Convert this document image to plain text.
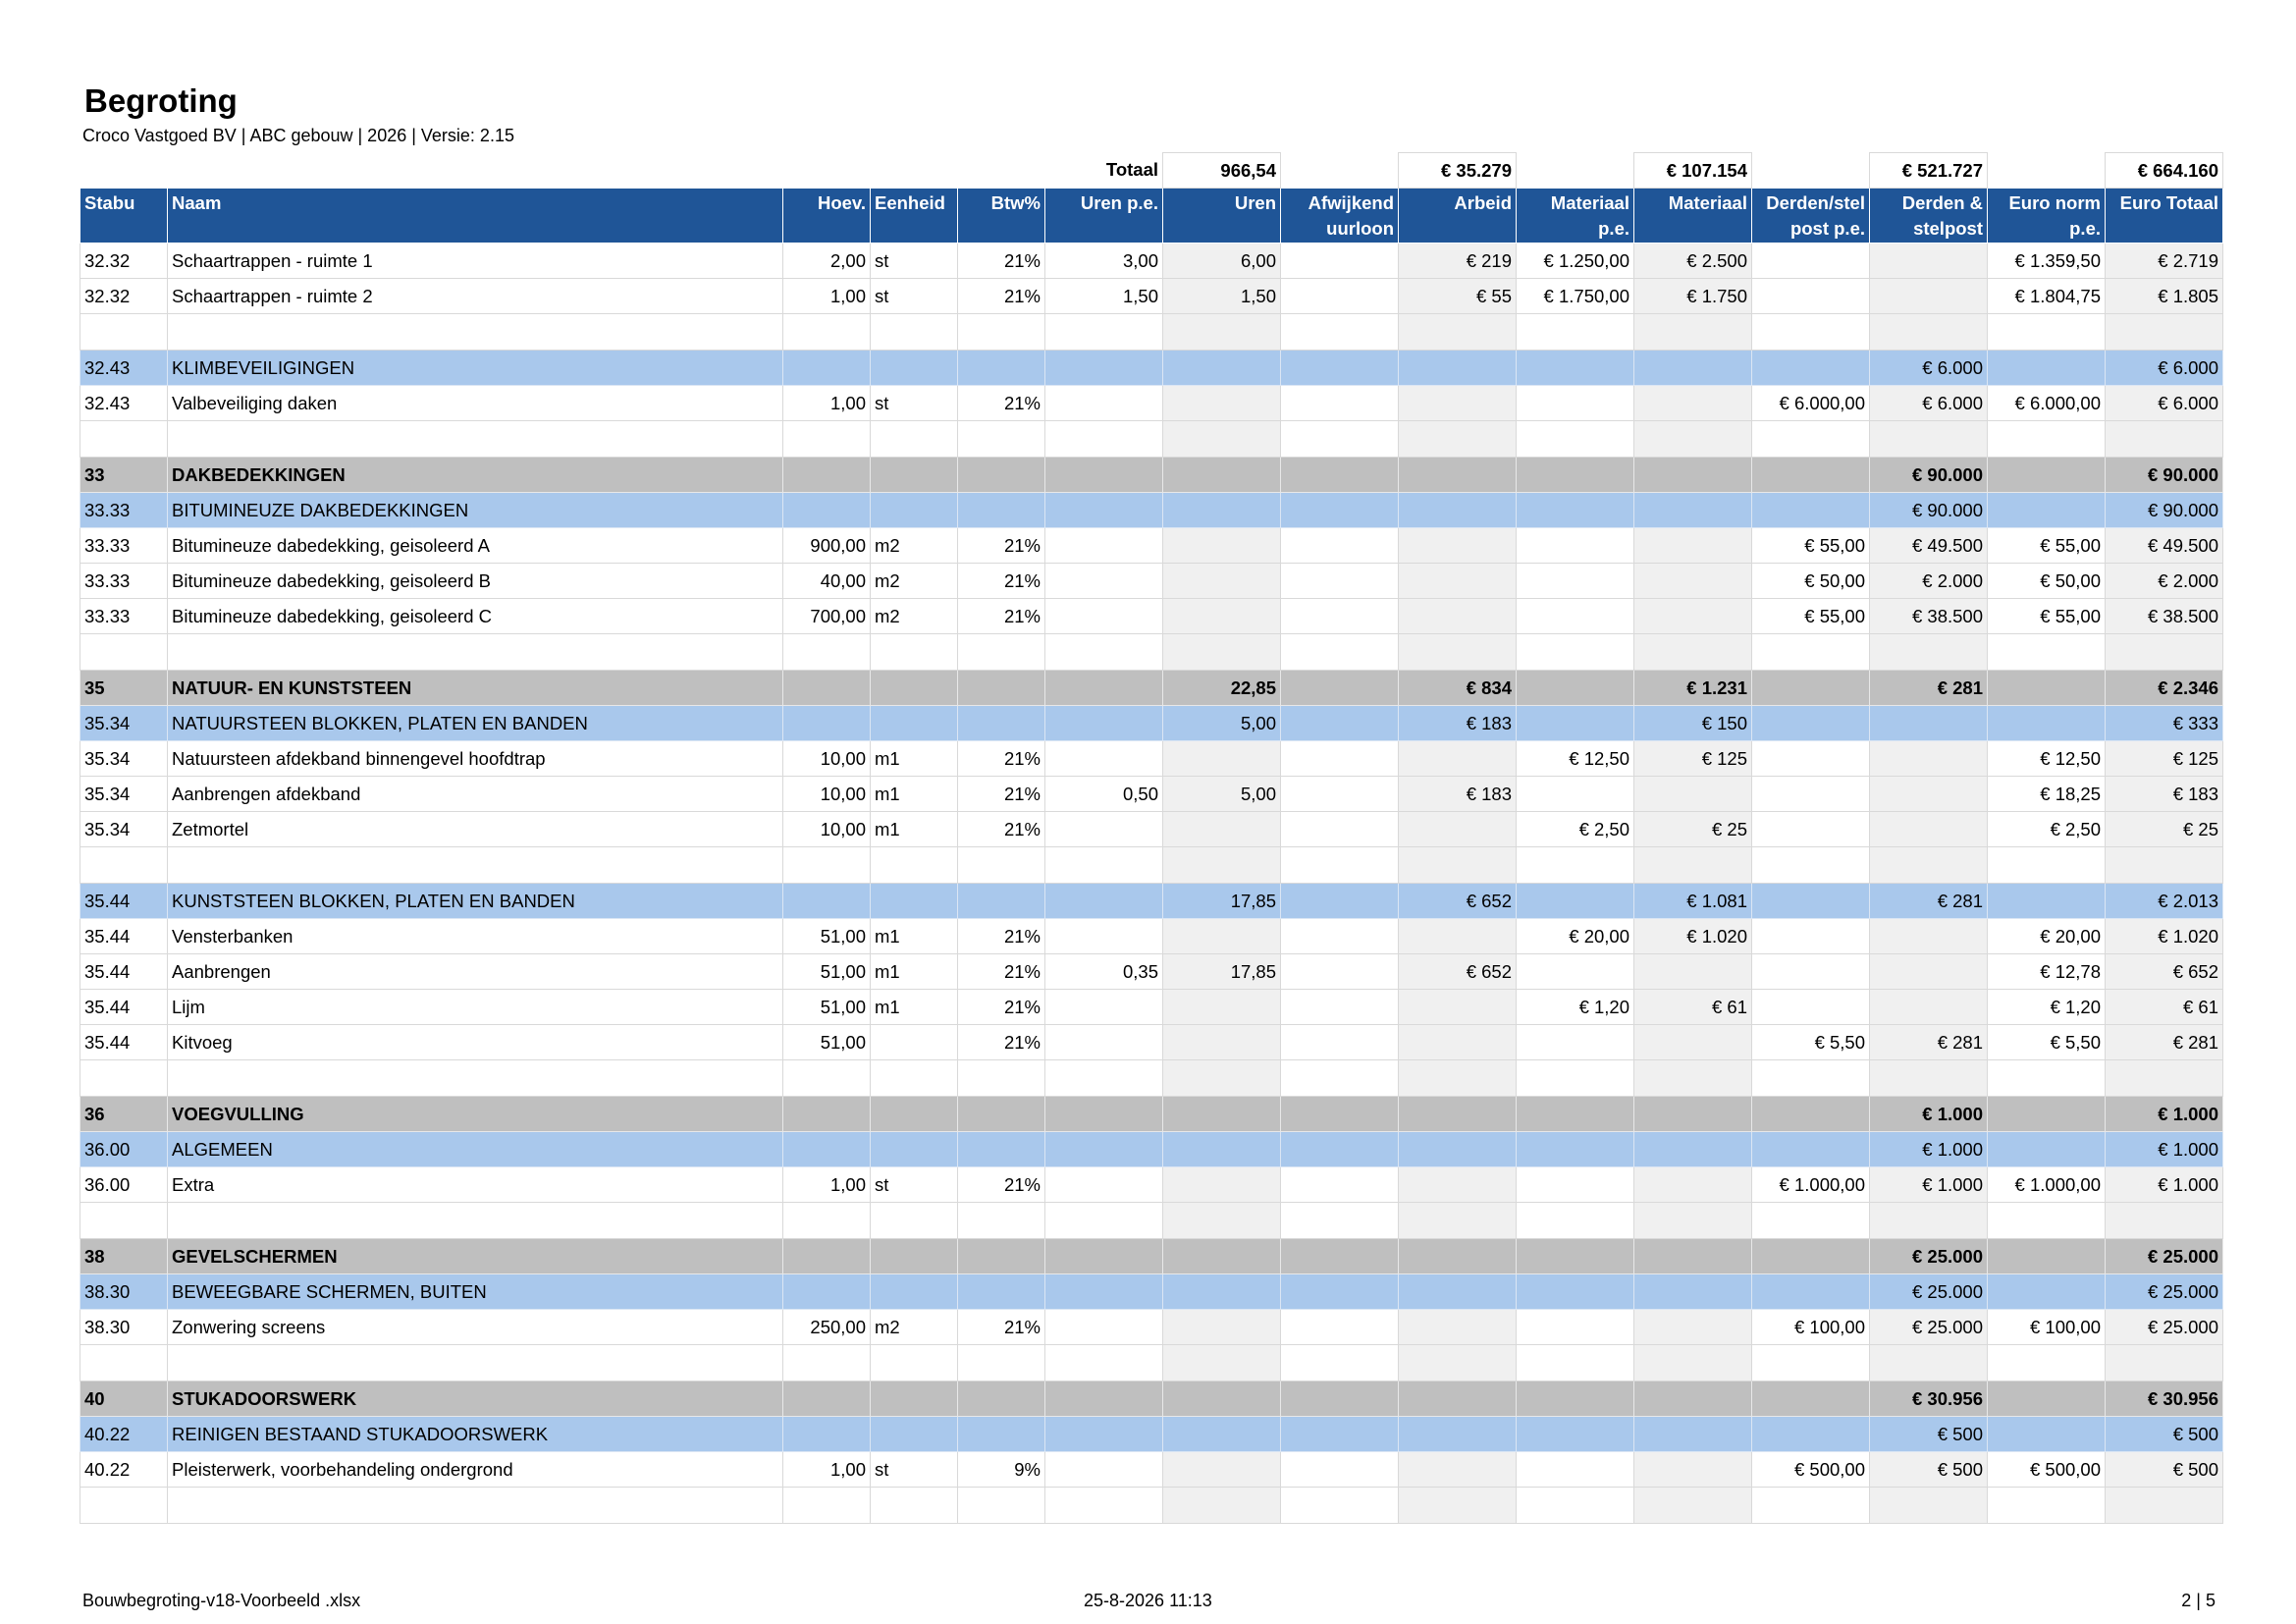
Begroting
Croco Vastgoed BV | ABC gebouw | 2026 | Versie: 2.15
					Totaal	966,54		€ 35.279		€ 107.154		€ 521.727		€ 664.160
Stabu	Naam	Hoev.	Eenheid	Btw%	Uren p.e.	Uren	Afwijkend uurloon	Arbeid	Materiaal p.e.	Materiaal	Derden/stel post p.e.	Derden & stelpost	Euro norm p.e.	Euro Totaal
32.32	Schaartrappen - ruimte 1	2,00	st	21%	3,00	6,00		€ 219	€ 1.250,00	€ 2.500			€ 1.359,50	€ 2.719
32.32	Schaartrappen - ruimte 2	1,00	st	21%	1,50	1,50		€ 55	€ 1.750,00	€ 1.750			€ 1.804,75	€ 1.805

32.43	KLIMBEVEILIGINGEN											€ 6.000		€ 6.000
32.43	Valbeveiliging daken	1,00	st	21%							€ 6.000,00	€ 6.000	€ 6.000,00	€ 6.000

33	DAKBEDEKKINGEN											€ 90.000		€ 90.000
33.33	BITUMINEUZE DAKBEDEKKINGEN											€ 90.000		€ 90.000
33.33	Bitumineuze dabedekking, geisoleerd A	900,00	m2	21%							€ 55,00	€ 49.500	€ 55,00	€ 49.500
33.33	Bitumineuze dabedekking, geisoleerd B	40,00	m2	21%							€ 50,00	€ 2.000	€ 50,00	€ 2.000
33.33	Bitumineuze dabedekking, geisoleerd C	700,00	m2	21%							€ 55,00	€ 38.500	€ 55,00	€ 38.500

35	NATUUR- EN KUNSTSTEEN					22,85		€ 834		€ 1.231		€ 281		€ 2.346
35.34	NATUURSTEEN BLOKKEN, PLATEN EN BANDEN					5,00		€ 183		€ 150				€ 333
35.34	Natuursteen afdekband binnengevel hoofdtrap	10,00	m1	21%					€ 12,50	€ 125			€ 12,50	€ 125
35.34	Aanbrengen afdekband	10,00	m1	21%	0,50	5,00		€ 183					€ 18,25	€ 183
35.34	Zetmortel	10,00	m1	21%					€ 2,50	€ 25			€ 2,50	€ 25

35.44	KUNSTSTEEN BLOKKEN, PLATEN EN BANDEN					17,85		€ 652		€ 1.081		€ 281		€ 2.013
35.44	Vensterbanken	51,00	m1	21%					€ 20,00	€ 1.020			€ 20,00	€ 1.020
35.44	Aanbrengen	51,00	m1	21%	0,35	17,85		€ 652					€ 12,78	€ 652
35.44	Lijm	51,00	m1	21%					€ 1,20	€ 61			€ 1,20	€ 61
35.44	Kitvoeg	51,00		21%							€ 5,50	€ 281	€ 5,50	€ 281

36	VOEGVULLING											€ 1.000		€ 1.000
36.00	ALGEMEEN											€ 1.000		€ 1.000
36.00	Extra	1,00	st	21%							€ 1.000,00	€ 1.000	€ 1.000,00	€ 1.000

38	GEVELSCHERMEN											€ 25.000		€ 25.000
38.30	BEWEEGBARE SCHERMEN, BUITEN											€ 25.000		€ 25.000
38.30	Zonwering screens	250,00	m2	21%							€ 100,00	€ 25.000	€ 100,00	€ 25.000

40	STUKADOORSWERK											€ 30.956		€ 30.956
40.22	REINIGEN BESTAAND STUKADOORSWERK											€ 500		€ 500
40.22	Pleisterwerk, voorbehandeling ondergrond	1,00	st	9%							€ 500,00	€ 500	€ 500,00	€ 500

Bouwbegroting-v18-Voorbeeld .xlsx	25-8-2026 11:13	2 | 5
